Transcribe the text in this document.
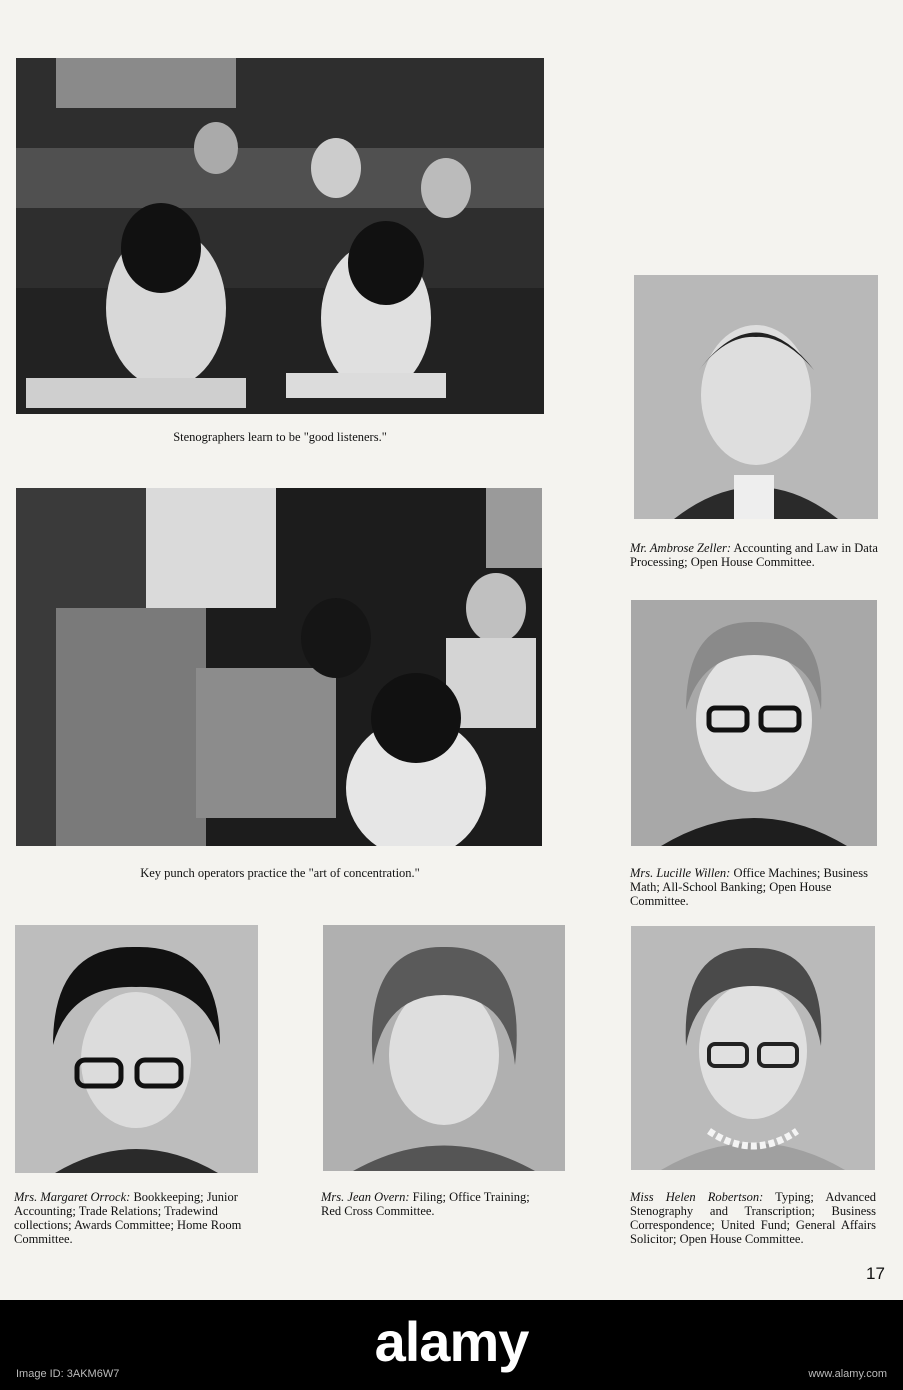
Stenographers learn to be "good listeners."
Key punch operators practice the "art of concentration."
Mr. Ambrose Zeller: Accounting and Law in Data Processing; Open House Committee.
Mrs. Lucille Willen: Office Machines; Business Math; All-School Banking; Open House Committee.
Mrs. Margaret Orrock: Bookkeeping; Junior Accounting; Trade Relations; Tradewind collections; Awards Committee; Home Room Committee.
Mrs. Jean Overn: Filing; Office Training; Red Cross Committee.
Miss Helen Robertson: Typing; Advanced Stenography and Transcription; Business Correspondence; United Fund; General Affairs Solicitor; Open House Committee.
17
alamy
Image ID: 3AKM6W7	www.alamy.com
